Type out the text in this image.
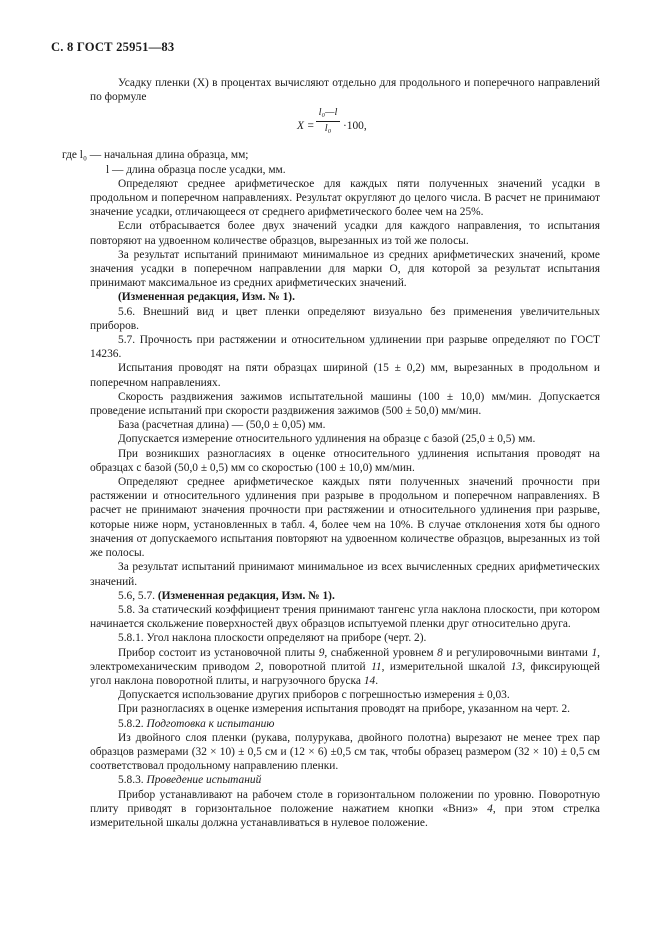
С. 8 ГОСТ 25951—83

Усадку пленки (X) в процентах вычисляют отдельно для продольного и поперечного направлений по формуле

$X = \frac{\text{l₀—l}}{\text{l₀}} \cdot 100$,

где l₀ — начальная длина образца, мм;

l — длина образца после усадки, мм.

Определяют среднее арифметическое для каждых пяти полученных значений усадки в продольном и поперечном направлениях. Результат округляют до целого числа. В расчет не принимают значение усадки, отличающееся от среднего арифметического более чем на 25%.

Если отбрасывается более двух значений усадки для каждого направления, то испытания повторяют на удвоенном количестве образцов, вырезанных из той же полосы.

За результат испытаний принимают минимальное из средних арифметических значений, кроме значения усадки в поперечном направлении для марки О, для которой за результат испытания принимают максимальное из средних арифметических значений.

(Измененная редакция, Изм. № 1).

5.6. Внешний вид и цвет пленки определяют визуально без применения увеличительных приборов.

5.7. Прочность при растяжении и относительном удлинении при разрыве определяют по ГОСТ 14236.

Испытания проводят на пяти образцах шириной (15 ± 0,2) мм, вырезанных в продольном и поперечном направлениях.

Скорость раздвижения зажимов испытательной машины (100 ± 10,0) мм/мин. Допускается проведение испытаний при скорости раздвижения зажимов (500 ± 50,0) мм/мин.

База (расчетная длина) — (50,0 ± 0,05) мм.

Допускается измерение относительного удлинения на образце с базой (25,0 ± 0,5) мм.

При возникших разногласиях в оценке относительного удлинения испытания проводят на образцах с базой (50,0 ± 0,5) мм со скоростью (100 ± 10,0) мм/мин.

Определяют среднее арифметическое каждых пяти полученных значений прочности при растяжении и относительного удлинения при разрыве в продольном и поперечном направлениях. В расчет не принимают значения прочности при растяжении и относительного удлинения при разрыве, которые ниже норм, установленных в табл. 4, более чем на 10%. В случае отклонения хотя бы одного значения от допускаемого испытания повторяют на удвоенном количестве образцов, вырезанных из той же полосы.

За результат испытаний принимают минимальное из всех вычисленных средних арифметических значений.

5.6, 5.7. (Измененная редакция, Изм. № 1).

5.8. За статический коэффициент трения принимают тангенс угла наклона плоскости, при котором начинается скольжение поверхностей двух образцов испытуемой пленки друг относительно друга.

5.8.1. Угол наклона плоскости определяют на приборе (черт. 2).

Прибор состоит из установочной плиты 9, снабженной уровнем 8 и регулировочными винтами 1, электромеханическим приводом 2, поворотной плитой 11, измерительной шкалой 13, фиксирующей угол наклона поворотной плиты, и нагрузочного бруска 14.

Допускается использование других приборов с погрешностью измерения ± 0,03.

При разногласиях в оценке измерения испытания проводят на приборе, указанном на черт. 2.

5.8.2. Подготовка к испытанию

Из двойного слоя пленки (рукава, полурукава, двойного полотна) вырезают не менее трех пар образцов размерами (32 × 10) ± 0,5 см и (12 × 6) ±0,5 см так, чтобы образец размером (32 × 10) ± 0,5 см соответствовал продольному направлению пленки.

5.8.3. Проведение испытаний

Прибор устанавливают на рабочем столе в горизонтальном положении по уровню. Поворотную плиту приводят в горизонтальное положение нажатием кнопки «Вниз» 4, при этом стрелка измерительной шкалы должна устанавливаться в нулевое положение.
